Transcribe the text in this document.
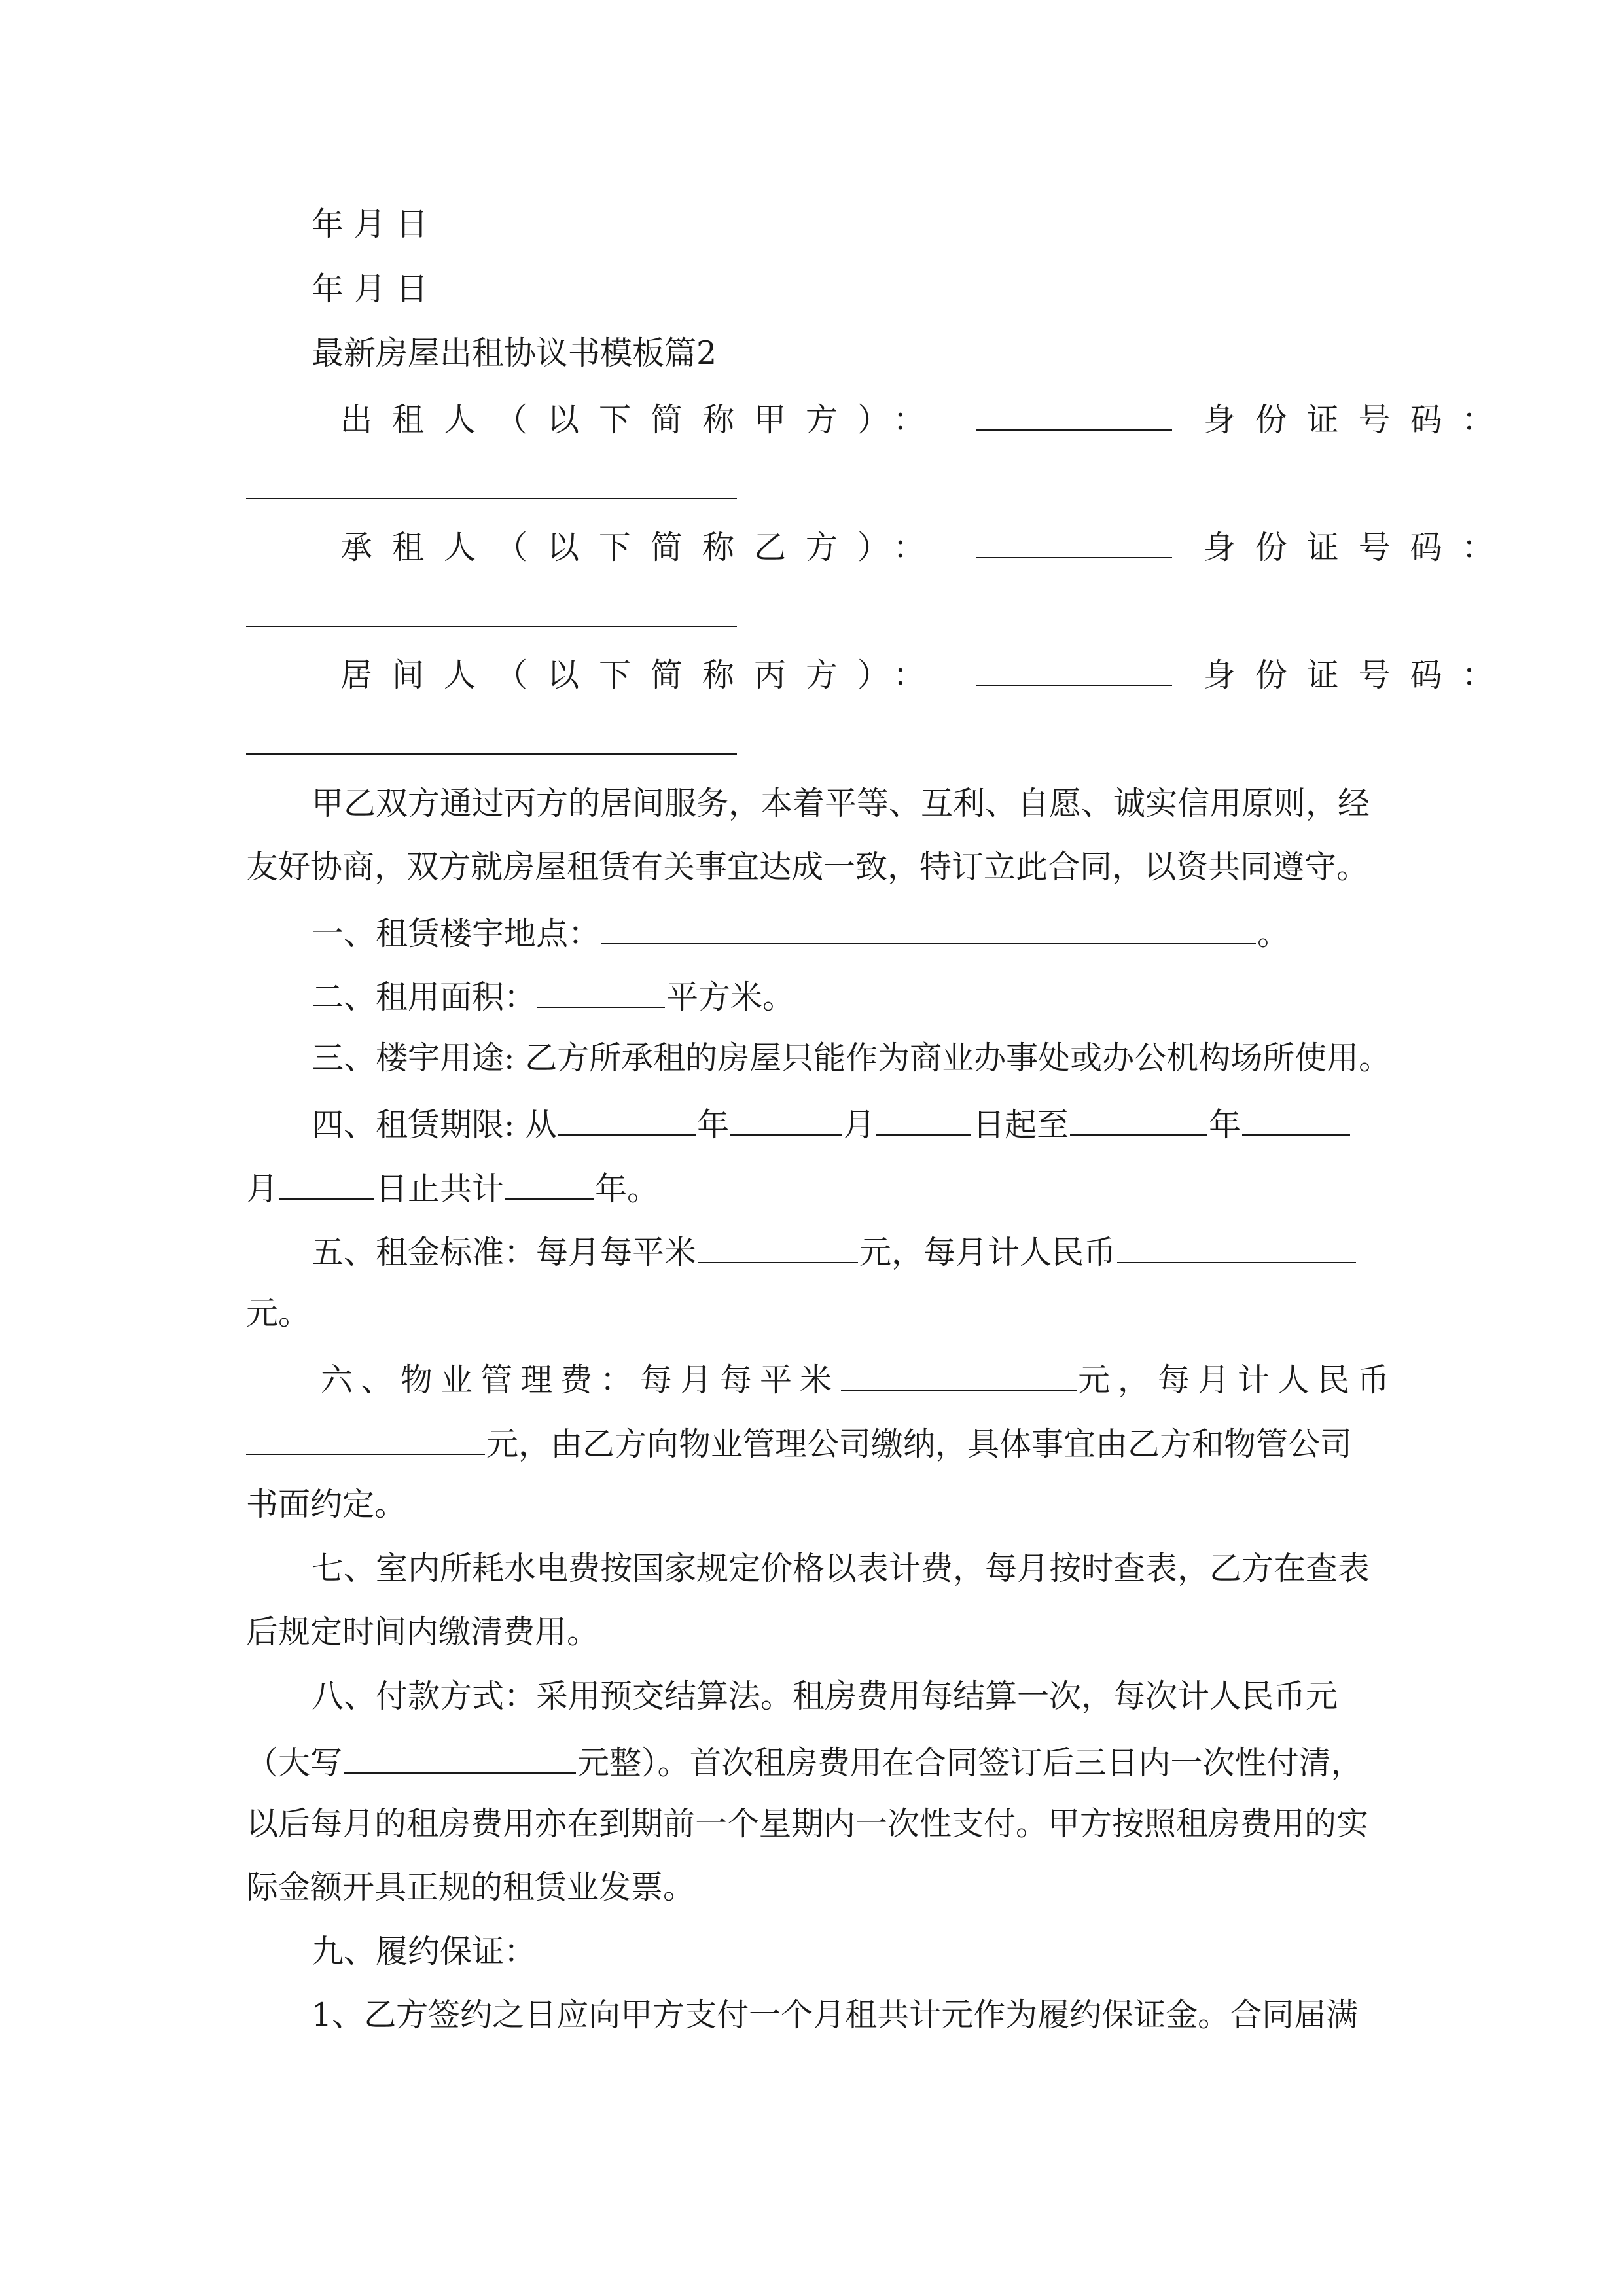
年 月 日
年 月 日
最新房屋出租协议书模板篇2
出租人（以下简称甲方）：	身份证号码：
承租人（以下简称乙方）：	身份证号码：
居间人（以下简称丙方）：	身份证号码：
甲乙双方通过丙方的居间服务，本着平等、互利、自愿、诚实信用原则，经
友好协商，双方就房屋租赁有关事宜达成一致，特订立此合同，以资共同遵守。
一、租赁楼宇地点：	。
二、租用面积：	平方米。
三、楼宇用途: 乙方所承租的房屋只能作为商业办事处或办公机构场所使用。
四、租赁期限: 从	年	月	日起至	年
月	日止共计	年。
五、租金标准：每月每平米	元，每月计人民币
元。
六、物业管理费：每月每平米	元，每月计人民币
元，由乙方向物业管理公司缴纳，具体事宜由乙方和物管公司
书面约定。
七、室内所耗水电费按国家规定价格以表计费，每月按时查表，乙方在查表
后规定时间内缴清费用。
八、付款方式：采用预交结算法。租房费用每结算一次，每次计人民币元
（大写	元整）。首次租房费用在合同签订后三日内一次性付清，
以后每月的租房费用亦在到期前一个星期内一次性支付。甲方按照租房费用的实
际金额开具正规的租赁业发票。
九、履约保证：
1、乙方签约之日应向甲方支付一个月租共计元作为履约保证金。合同届满
